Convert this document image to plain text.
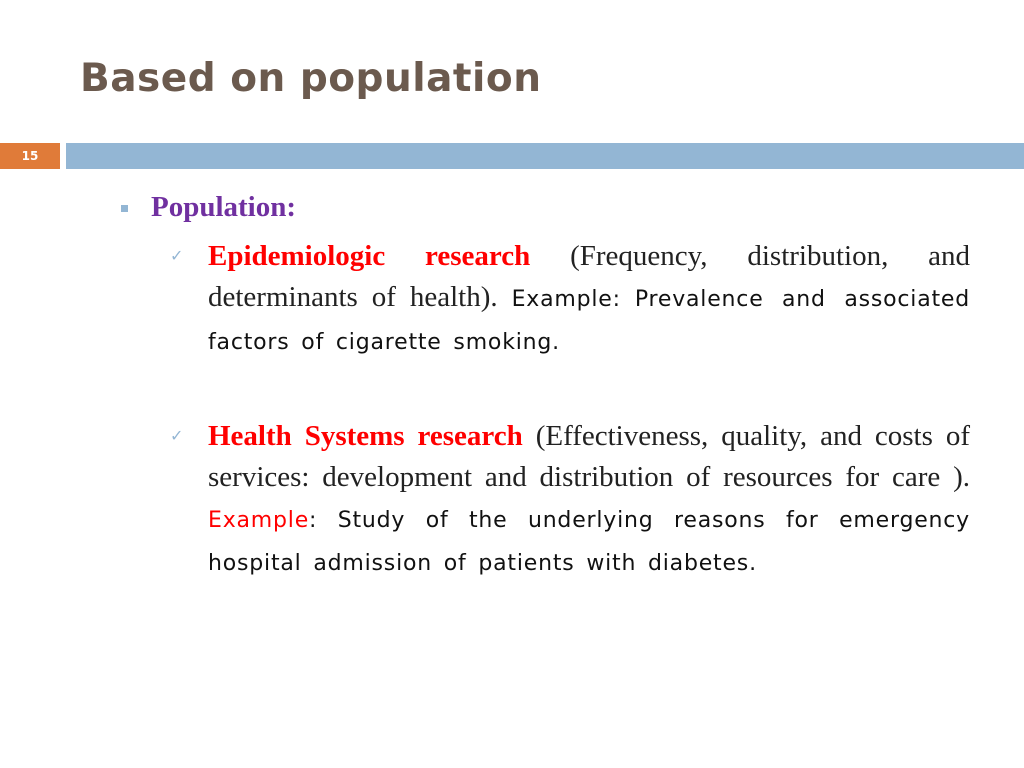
Based on population
15
Population:
✓ Epidemiologic research (Frequency, distribution, and determinants of health). Example: Prevalence and associated factors of cigarette smoking.
✓ Health Systems research (Effectiveness, quality, and costs of services: development and distribution of resources for care ). Example: Study of the underlying reasons for emergency hospital admission of patients with diabetes.
